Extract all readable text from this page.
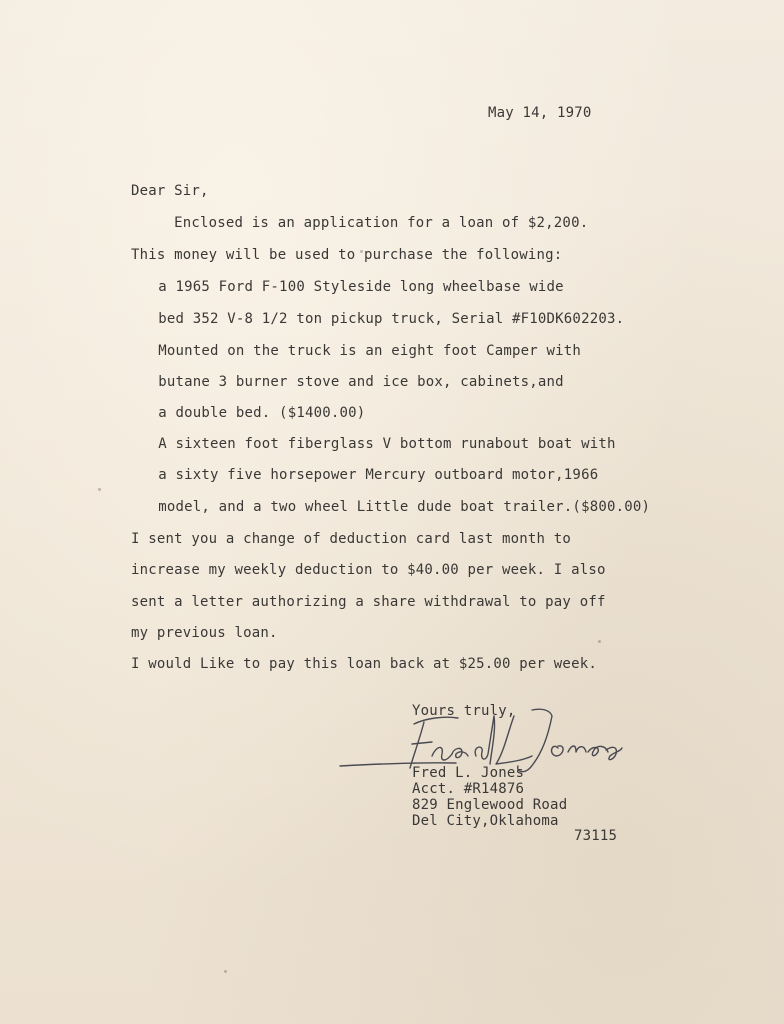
May 14, 1970
Dear Sir,
Enclosed is an application for a loan of $2,200.
This money will be used to purchase the following:
a 1965 Ford F-100 Styleside long wheelbase wide
bed 352 V-8 1/2 ton pickup truck, Serial #F10DK602203.
Mounted on the truck is an eight foot Camper with
butane 3 burner stove and ice box, cabinets,and
a double bed. ($1400.00)
A sixteen foot fiberglass V bottom runabout boat with
a sixty five horsepower Mercury outboard motor,1966
model, and a two wheel Little dude boat trailer.($800.00)
I sent you a change of deduction card last month to
increase my weekly deduction to $40.00 per week. I also
sent a letter authorizing a share withdrawal to pay off
my previous loan.
I would Like to pay this loan back at $25.00 per week.
Yours truly,
Fred L. Jones
Acct. #R14876
829 Englewood Road
Del City,Oklahoma
73115
